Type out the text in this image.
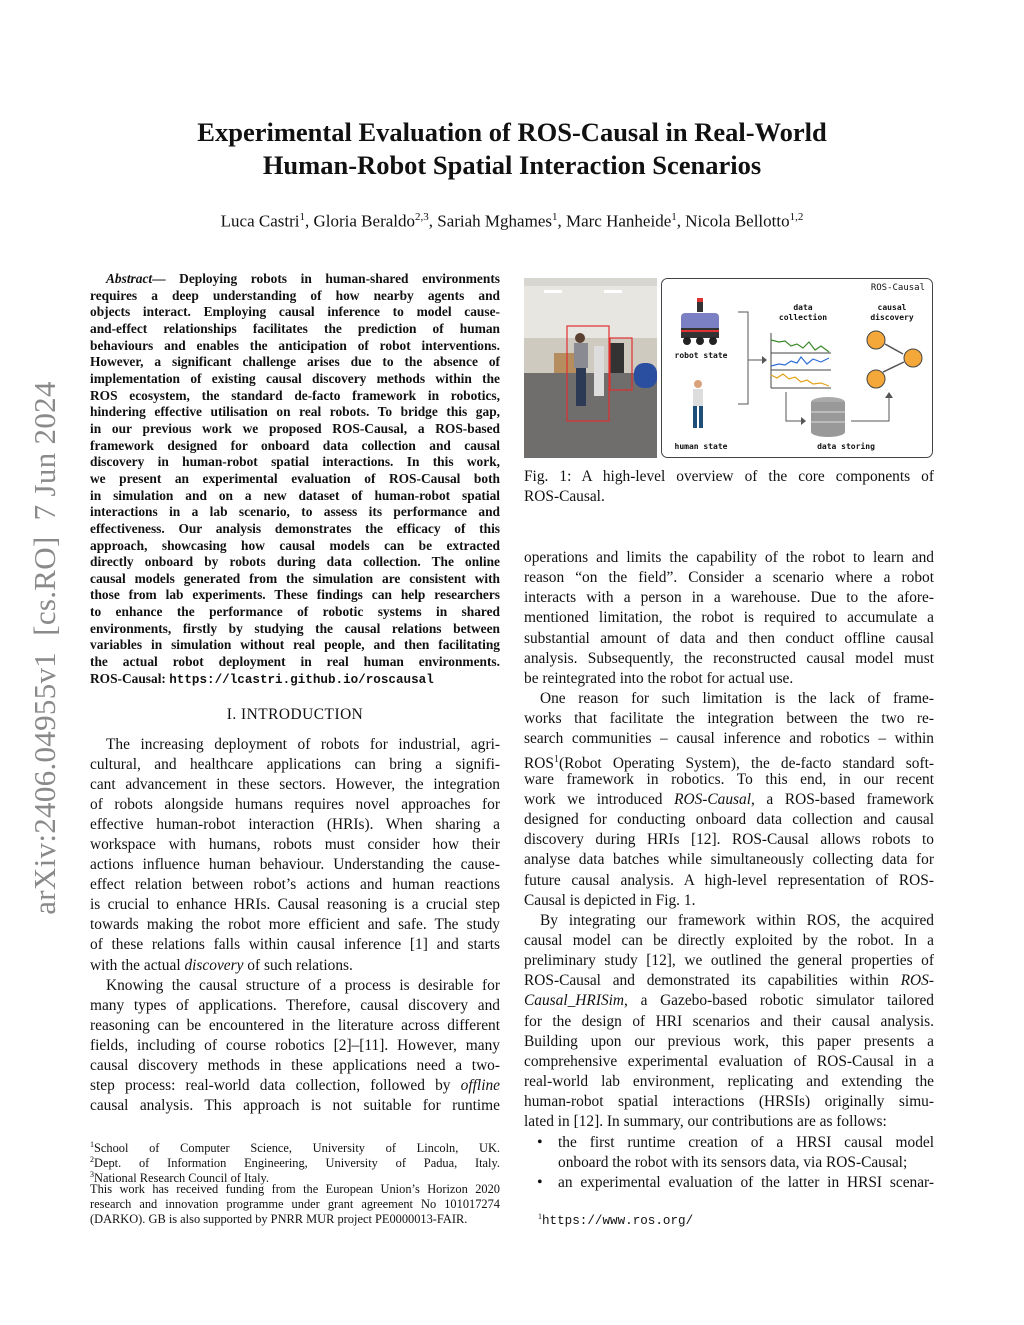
arXiv:2406.04955v1  [cs.RO]  7 Jun 2024
Experimental Evaluation of ROS-Causal in Real-World
Human-Robot Spatial Interaction Scenarios
Luca Castri$^1$, Gloria Beraldo$^{2,3}$, Sariah Mghames$^1$, Marc Hanheide$^1$, Nicola Bellotto$^{1,2}$
Abstract— Deploying robots in human-shared environments
requires a deep understanding of how nearby agents and
objects interact. Employing causal inference to model cause-
and-effect relationships facilitates the prediction of human
behaviours and enables the anticipation of robot interventions.
However, a significant challenge arises due to the absence of
implementation of existing causal discovery methods within the
ROS ecosystem, the standard de-facto framework in robotics,
hindering effective utilisation on real robots. To bridge this gap,
in our previous work we proposed ROS-Causal, a ROS-based
framework designed for onboard data collection and causal
discovery in human-robot spatial interactions. In this work,
we present an experimental evaluation of ROS-Causal both
in simulation and on a new dataset of human-robot spatial
interactions in a lab scenario, to assess its performance and
effectiveness. Our analysis demonstrates the efficacy of this
approach, showcasing how causal models can be extracted
directly onboard by robots during data collection. The online
causal models generated from the simulation are consistent with
those from lab experiments. These findings can help researchers
to enhance the performance of robotic systems in shared
environments, firstly by studying the causal relations between
variables in simulation without real people, and then facilitating
the actual robot deployment in real human environments.
ROS-Causal: https://lcastri.github.io/roscausal
I. INTRODUCTION
The increasing deployment of robots for industrial, agri-
cultural, and healthcare applications can bring a signifi-
cant advancement in these sectors. However, the integration
of robots alongside humans requires novel approaches for
effective human-robot interaction (HRIs). When sharing a
workspace with humans, robots must consider how their
actions influence human behaviour. Understanding the cause-
effect relation between robot’s actions and human reactions
is crucial to enhance HRIs. Causal reasoning is a crucial step
towards making the robot more efficient and safe. The study
of these relations falls within causal inference [1] and starts
with the actual discovery of such relations.
Knowing the causal structure of a process is desirable for
many types of applications. Therefore, causal discovery and
reasoning can be encountered in the literature across different
fields, including of course robotics [2]–[11]. However, many
causal discovery methods in these applications need a two-
step process: real-world data collection, followed by offline
causal analysis. This approach is not suitable for runtime
ROS-Causal
data collection
causal discovery
robot state
human state	data storing
Fig. 1: A high-level overview of the core components of
ROS-Causal.
operations and limits the capability of the robot to learn and
reason “on the field”. Consider a scenario where a robot
interacts with a person in a warehouse. Due to the afore-
mentioned limitation, the robot is required to accumulate a
substantial amount of data and then conduct offline causal
analysis. Subsequently, the reconstructed causal model must
be reintegrated into the robot for actual use.
One reason for such limitation is the lack of frame-
works that facilitate the integration between the two re-
search communities – causal inference and robotics – within
ROS$^1$(Robot Operating System), the de-facto standard soft-
ware framework in robotics. To this end, in our recent
work we introduced ROS-Causal, a ROS-based framework
designed for conducting onboard data collection and causal
discovery during HRIs [12]. ROS-Causal allows robots to
analyse data batches while simultaneously collecting data for
future causal analysis. A high-level representation of ROS-
Causal is depicted in Fig. 1.
By integrating our framework within ROS, the acquired
causal model can be directly exploited by the robot. In a
preliminary study [12], we outlined the general properties of
ROS-Causal and demonstrated its capabilities within ROS-
Causal_HRISim, a Gazebo-based robotic simulator tailored
for the design of HRI scenarios and their causal analysis.
Building upon our previous work, this paper presents a
comprehensive experimental evaluation of ROS-Causal in a
real-world lab environment, replicating and extending the
human-robot spatial interactions (HRSIs) originally simu-
lated in [12]. In summary, our contributions are as follows:
• the first runtime creation of a HRSI causal model
onboard the robot with its sensors data, via ROS-Causal;
• an experimental evaluation of the latter in HRSI scenar-
$^1$School of Computer Science, University of Lincoln, UK.
$^2$Dept. of Information Engineering, University of Padua, Italy.
$^3$National Research Council of Italy.
This work has received funding from the European Union’s Horizon 2020
research and innovation programme under grant agreement No 101017274
(DARKO). GB is also supported by PNRR MUR project PE0000013-FAIR.	$^1$https://www.ros.org/
